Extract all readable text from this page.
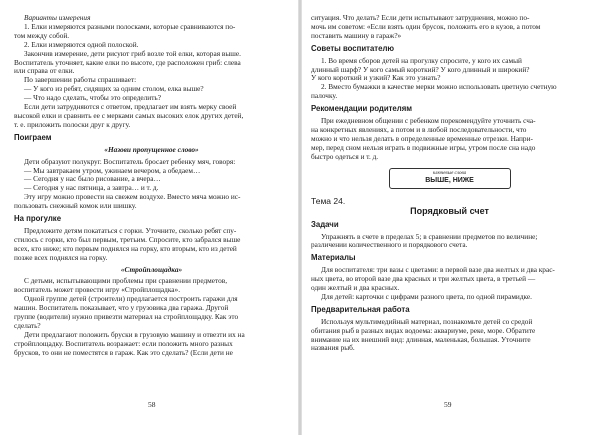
Варианты измерения

1. Елки измеряются разными полосками, которые сравниваются по-

том между собой.

2. Елки измеряются одной полоской.

Закончив измерение, дети рисуют гриб возле той елки, которая выше.

Воспитатель уточняет, какие елки по высоте, где расположен гриб: слева

или справа от елки.

По завершении работы спрашивает:

— У кого из ребят, сидящих за одним столом, елка выше?

— Что надо сделать, чтобы это определить?

Если дети затрудняются с ответом, предлагает им взять мерку своей

высокой елки и сравнить ее с мерками самых высоких елок других детей,

т. е. приложить полоски друг к другу.

Поиграем

«Назови пропущенное слово»

Дети образуют полукруг. Воспитатель бросает ребенку мяч, говоря:

— Мы завтракаем утром, ужинаем вечером, а обедаем…

— Сегодня у нас было рисование, а вчера…

— Сегодня у нас пятница, а завтра… и т. д.

Эту игру можно провести на свежем воздухе. Вместо мяча можно ис-

пользовать снежный комок или шишку.

На прогулке

Предложите детям покататься с горки. Уточните, сколько ребят спу-

стилось с горки, кто был первым, третьим. Спросите, кто забрался выше

всех, кто ниже; кто первым поднялся на горку, кто вторым, кто из детей

позже всех поднялся на горку.

«Стройплощадка»

С детьми, испытывающими проблемы при сравнении предметов,

воспитатель может провести игру «Стройплощадка».

Одной группе детей (строители) предлагается построить гаражи для

машин. Воспитатель показывает, что у грузовика два гаража. Другой

группе (водители) нужно привезти материал на стройплощадку. Как это

сделать?

Дети предлагают положить бруски в грузовую машину и отвезти их на

стройплощадку. Воспитатель возражает: если положить много разных

брусков, то они не поместятся в гараж. Как это сделать? (Если дети не

58

ситуация. Что делать? Если дети испытывают затруднения, можно по-

мочь им советом: «Если взять один брусок, положить его в кузов, а потом

поставить машину в гараж?»

Советы воспитателю

1. Во время сборов детей на прогулку спросите, у кого их самый

длинный шарф? У кого самый короткий? У кого длинный и широкий?

У кого короткий и узкий? Как это узнать?

2. Вместо бумажки в качестве мерки можно использовать цветную счетную

палочку.

Рекомендации родителям

При ежедневном общении с ребенком порекомендуйте уточнить сча-

на конкретных явлениях, а потом и в любой последовательности, что

можно и что нельзя делать в определенные временные отрезки. Напри-

мер, перед сном нельзя играть в подвижные игры, утром после сна надо

быстро одеться и т. д.

ключевые слова
ВЫШЕ, НИЖЕ

Тема 24.

Порядковый счет

Задачи

Упражнять в счете в пределах 5; в сравнении предметов по величине;

различении количественного и порядкового счета.

Материалы

Для воспитателя: три вазы с цветами: в первой вазе два желтых и два крас-

ных цвета, во второй вазе два красных и три желтых цвета, в третьей —

один желтый и два красных.

Для детей: карточки с цифрами разного цвета, по одной пирамидке.

Предварительная работа

Используя мультимедийный материал, познакомьте детей со средой

обитания рыб в разных видах водоема: аквариуме, реке, море. Обратите

внимание на их внешний вид: длинная, маленькая, большая. Уточните

названия рыб.

59
